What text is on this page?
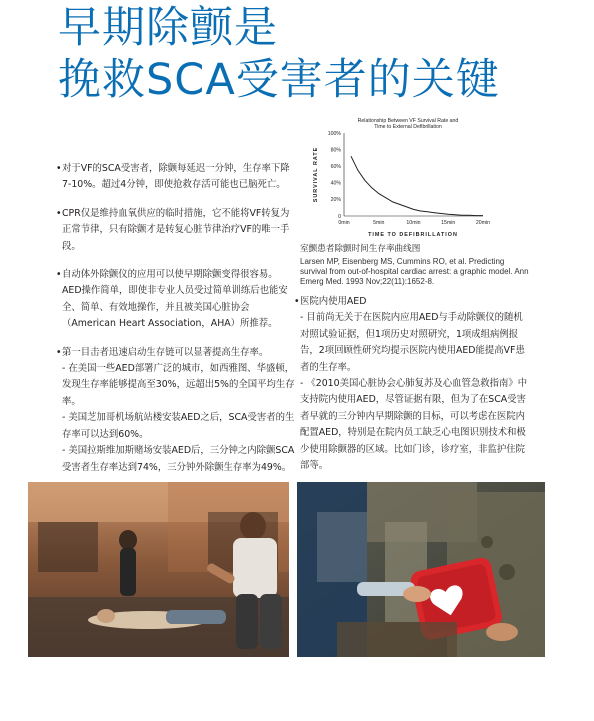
早期除颤是
挽救SCA受害者的关键

• 对于VF的SCA受害者，除颤每延迟一分钟，生存率下降7-10%。超过4分钟，即使抢救存活可能也已脑死亡。

• CPR仅是维持血氧供应的临时措施，它不能将VF转复为正常节律，只有除颤才是转复心脏节律治疗VF的唯一手段。

• 自动体外除颤仪的应用可以使早期除颤变得很容易。AED操作简单，即使非专业人员受过简单训练后也能安全、简单、有效地操作，并且被美国心脏协会（American Heart Association，AHA）所推荐。

• 第一目击者迅速启动生存链可以显著提高生存率。

- 在美国一些AED部署广泛的城市，如西雅图、华盛顿，发现生存率能够提高至30%，远超出5%的全国平均生存率。

- 美国芝加哥机场航站楼安装AED之后，SCA受害者的生存率可以达到60%。

- 美国拉斯维加斯赌场安装AED后，三分钟之内除颤SCA受害者生存率达到74%，三分钟外除颤生存率为49%。

Relationship Between VF Survival Rate and Time to External Defibrillation
SURVIVAL RATE
TIME TO DEFIBRILLATION
100%
80%
60%
40%
20%
0
0min	5min	10min	15min	20min
室颤患者除颤时间生存率曲线图
Larsen MP, Eisenberg MS, Cummins RO, et al. Predicting survival from out-of-hospital cardiac arrest: a graphic model. Ann Emerg Med. 1993 Nov;22(11):1652-8.

• 医院内使用AED

- 目前尚无关于在医院内应用AED与手动除颤仪的随机对照试验证据，但1项历史对照研究，1项成组病例报告，2项回顾性研究均提示医院内使用AED能提高VF患者的生存率。

- 《2010美国心脏协会心肺复苏及心血管急救指南》中支持院内使用AED，尽管证据有限，但为了在SCA受害者早就的三分钟内早期除颤的目标，可以考虑在医院内配置AED，特别是在院内员工缺乏心电图识别技术和极少使用除颤器的区域。比如门诊，诊疗室，非监护住院部等。
